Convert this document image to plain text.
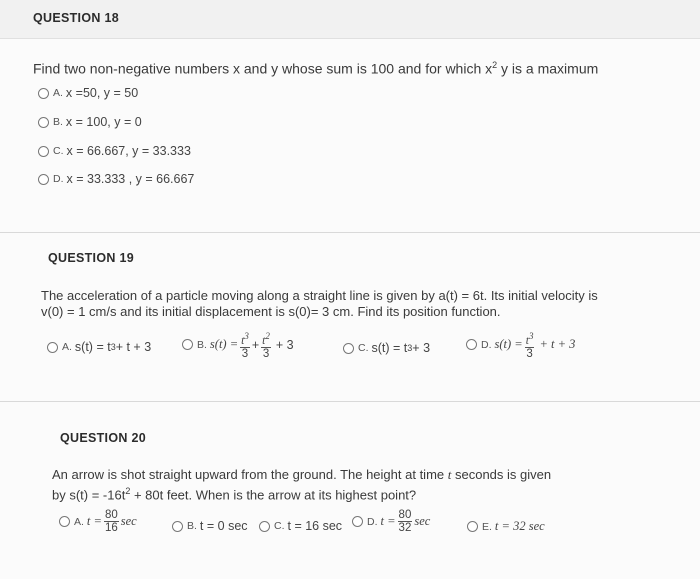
QUESTION 18
Find two non-negative numbers x and y whose sum is 100 and for which $x^2$ y is a maximum
A. x =50, y = 50
B. x = 100, y = 0
C. x = 66.667, y = 33.333
D. x = 33.333 , y = 66.667
QUESTION 19
The acceleration of a particle moving along a straight line is given by a(t) = 6t. Its initial velocity is
v(0) = 1 cm/s and its initial displacement is s(0)= 3 cm. Find its position function.
A. s(t) = t 3 + t + 3	B. $s(t) = \frac{t^3}{3} + \frac{t^2}{3} + 3$	C. s(t) = t 3 + 3	D. $s(t) = \frac{t^3}{3} + t + 3$
QUESTION 20
An arrow is shot straight upward from the ground. The height at time t seconds is given
by $s(t) = -16t^2 + 80t$ feet. When is the arrow at its highest point?
A. $t = \frac{80}{16}$ sec	B. t = 0 sec	C. t = 16 sec D. $t = \frac{80}{32}$ sec	E. t = 32 sec
